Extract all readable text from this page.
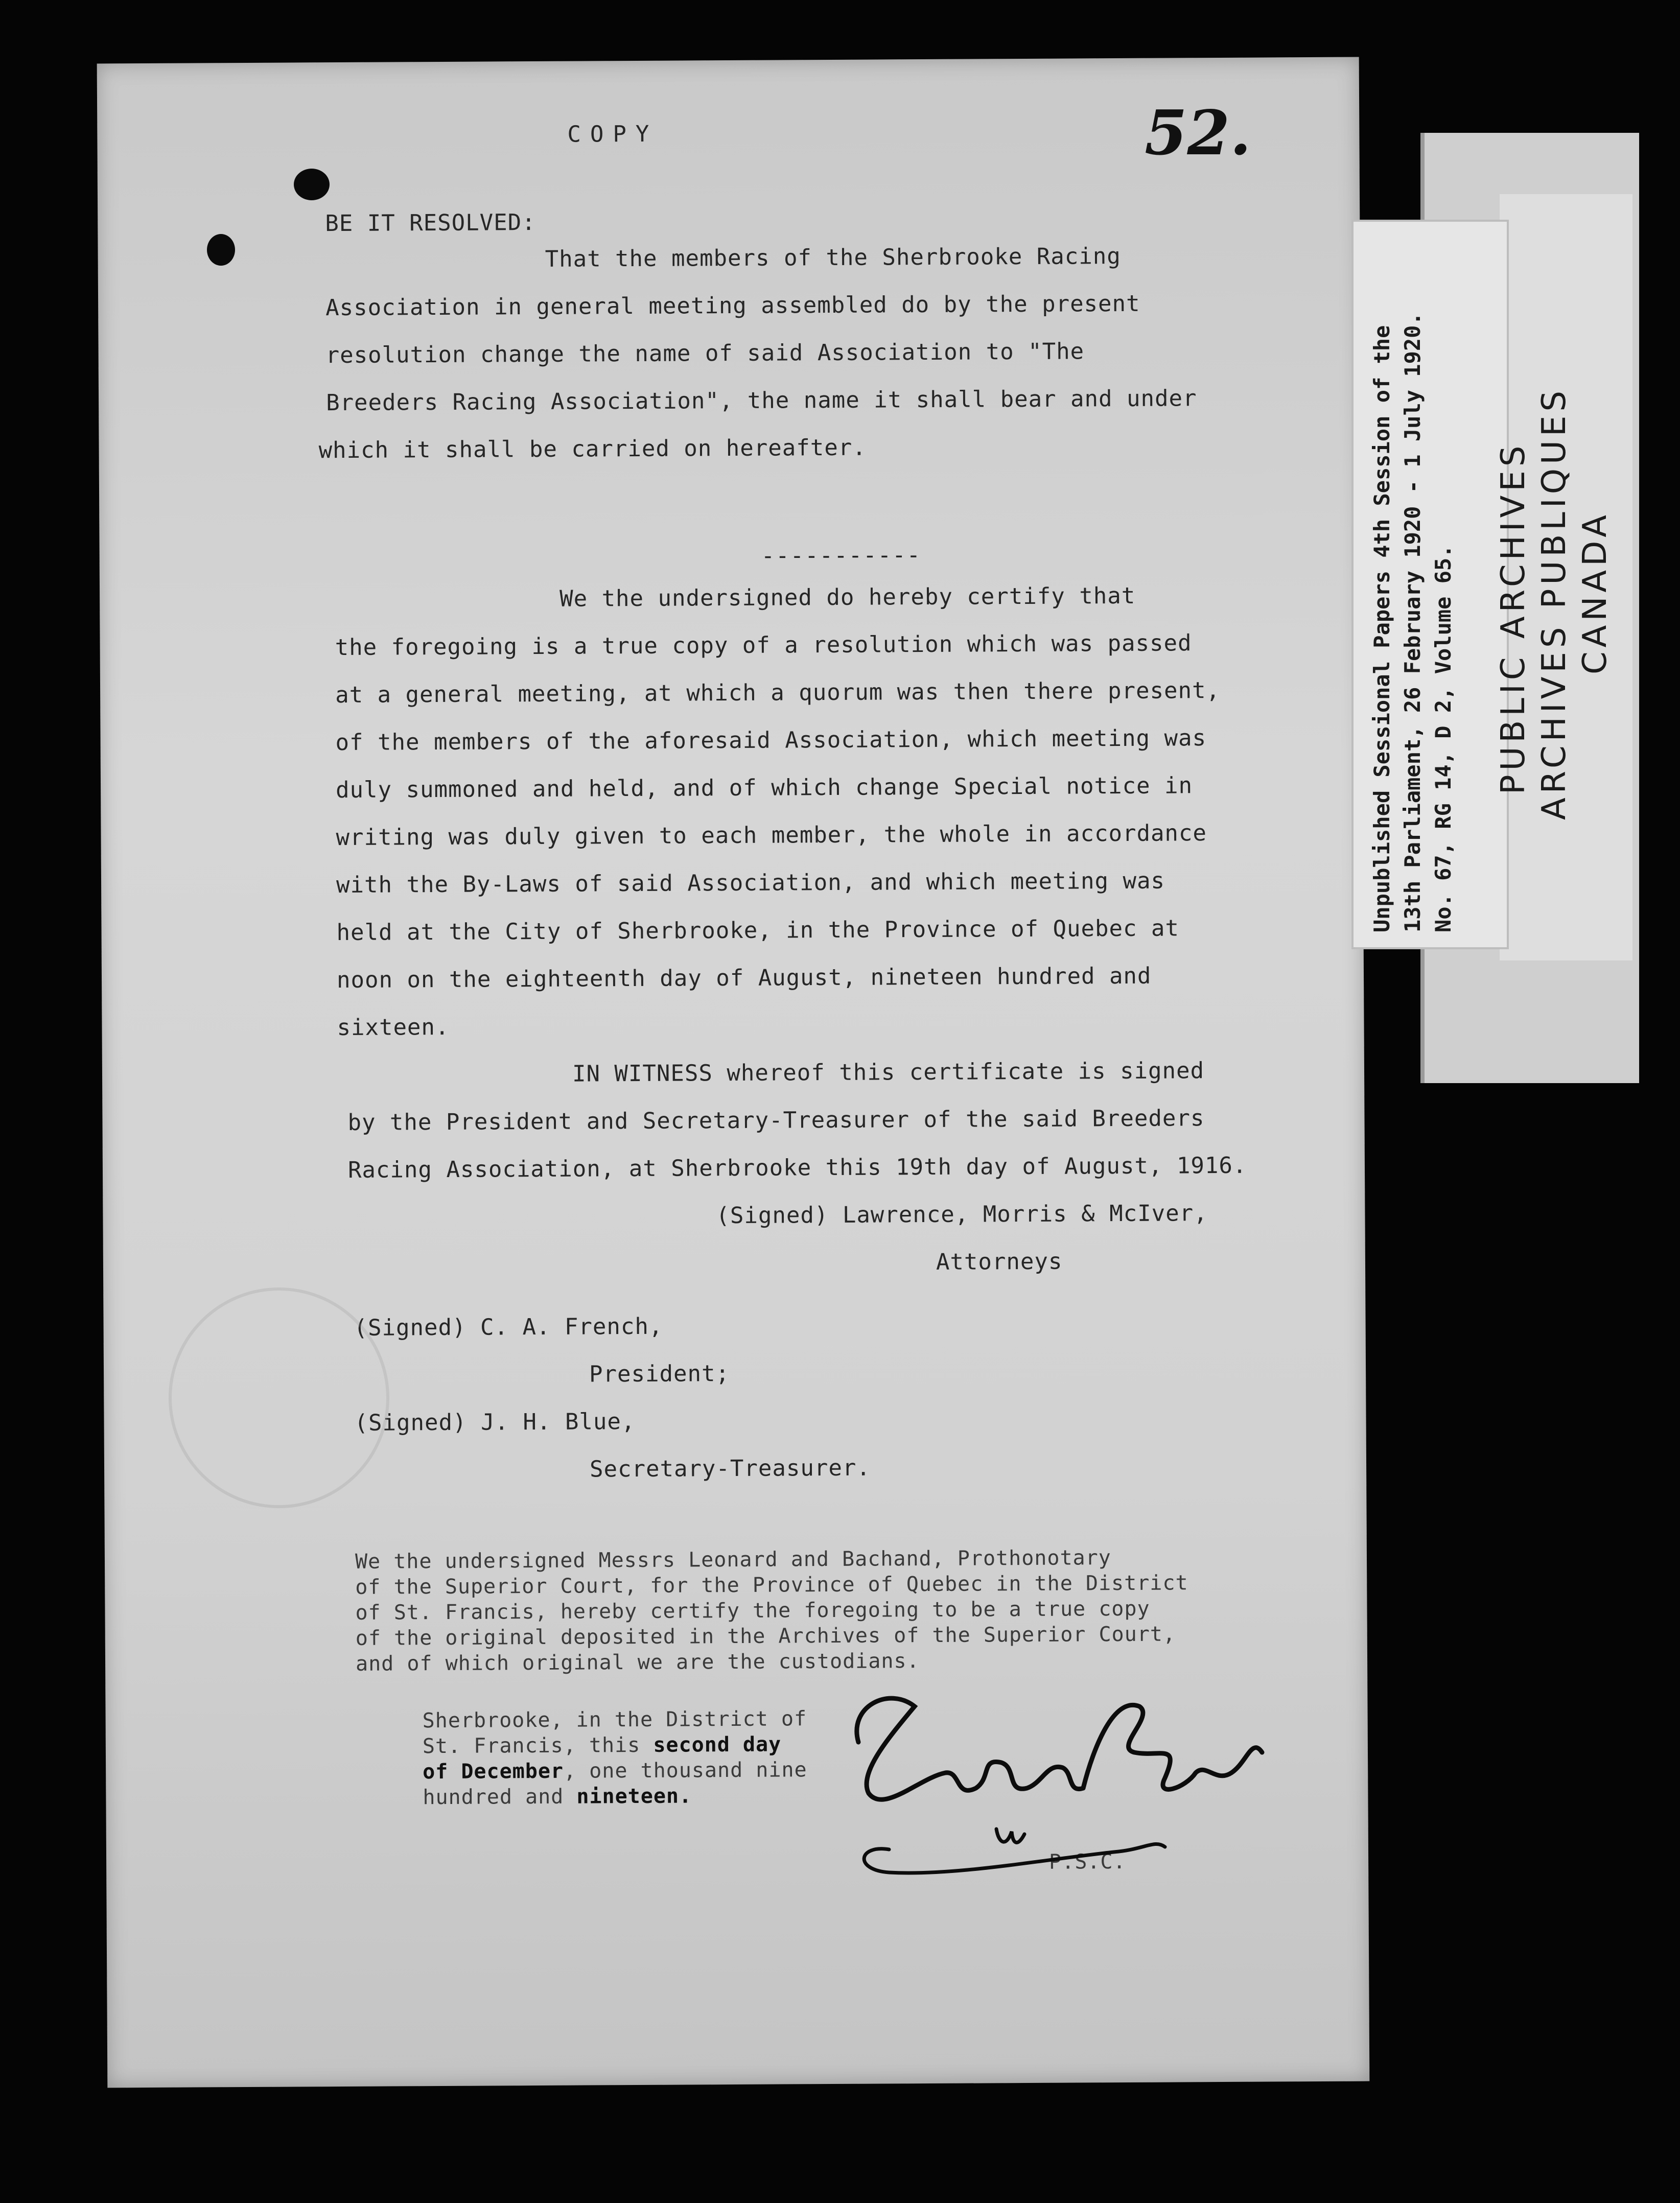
COPY
BE IT RESOLVED:
That the members of the Sherbrooke Racing
Association in general meeting assembled do by the present
resolution change the name of said Association to "The
Breeders Racing Association", the name it shall bear and under
which it shall be carried on hereafter.
-----------
We the undersigned do hereby certify that
the foregoing is a true copy of a resolution which was passed
at a general meeting, at which a quorum was then there present,
of the members of the aforesaid Association, which meeting was
duly summoned and held, and of which change Special notice in
writing was duly given to each member, the whole in accordance
with the By-Laws of said Association, and which meeting was
held at the City of Sherbrooke, in the Province of Quebec at
noon on the eighteenth day of August, nineteen hundred and
sixteen.
IN WITNESS whereof this certificate is signed
by the President and Secretary-Treasurer of the said Breeders
Racing Association, at Sherbrooke this 19th day of August, 1916.
(Signed) Lawrence, Morris & McIver,
Attorneys
(Signed) C. A. French,
President;
(Signed) J. H. Blue,
Secretary-Treasurer.
We the undersigned Messrs Leonard and Bachand, Prothonotary
of the Superior Court, for the Province of Quebec in the District
of St. Francis, hereby certify the foregoing to be a true copy
of the original deposited in the Archives of the Superior Court,
and of which original we are the custodians.
Sherbrooke, in the District of
St. Francis, this second day
of December, one thousand nine
hundred and nineteen.
P.S.C.
52.
Unpublished Sessional Papers 4th Session of the 13th Parliament, 26 February 1920 - 1 July 1920. No. 67, RG 14, D 2, Volume 65. PUBLIC ARCHIVES ARCHIVES PUBLIQUES CANADA
